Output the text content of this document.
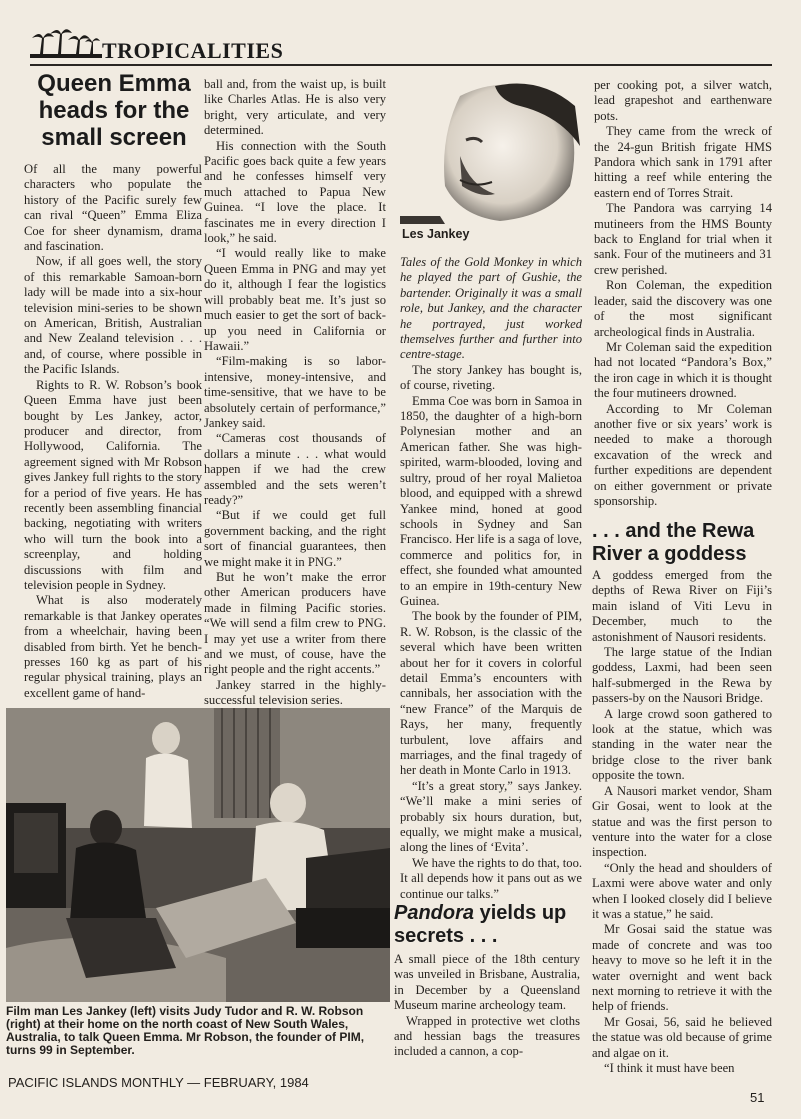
TROPICALITIES
Queen Emma heads for the small screen

Of all the many powerful characters who populate the history of the Pacific surely few can rival “Queen” Emma Eliza Coe for sheer dynamism, drama and fascination.

Now, if all goes well, the story of this remarkable Samoan-born lady will be made into a six-hour television mini-series to be shown on American, British, Australian and New Zealand television . . . and, of course, where possible in the Pacific Islands.

Rights to R. W. Robson’s book Queen Emma have just been bought by Les Jankey, actor, producer and director, from Hollywood, California. The agreement signed with Mr Robson gives Jankey full rights to the story for a period of five years. He has recently been assembling financial backing, negotiating with writers who will turn the book into a screenplay, and holding discussions with film and television people in Sydney.

What is also moderately remarkable is that Jankey operates from a wheelchair, having been disabled from birth. Yet he bench-presses 160 kg as part of his regular physical training, plays an excellent game of hand-

ball and, from the waist up, is built like Charles Atlas. He is also very bright, very articulate, and very determined.

His connection with the South Pacific goes back quite a few years and he confesses himself very much attached to Papua New Guinea. “I love the place. It fascinates me in every direction I look,” he said.

“I would really like to make Queen Emma in PNG and may yet do it, although I fear the logistics will probably beat me. It’s just so much easier to get the sort of back-up you need in California or Hawaii.”

“Film-making is so labor-intensive, money-intensive, and time-sensitive, that we have to be absolutely certain of performance,” Jankey said.

“Cameras cost thousands of dollars a minute . . . what would happen if we had the crew assembled and the sets weren’t ready?”

“But if we could get full government backing, and the right sort of financial guarantees, then we might make it in PNG.”

But he won’t make the error other American producers have made in filming Pacific stories. “We will send a film crew to PNG. I may yet use a writer from there and we must, of couse, have the right people and the right accents.”

Jankey starred in the highly-successful television series.

Les Jankey

Tales of the Gold Monkey in which he played the part of Gushie, the bartender. Originally it was a small role, but Jankey, and the character he portrayed, just worked themselves further and further into centre-stage.

The story Jankey has bought is, of course, riveting.

Emma Coe was born in Samoa in 1850, the daughter of a high-born Polynesian mother and an American father. She was high-spirited, warm-blooded, loving and sultry, proud of her royal Malietoa blood, and equipped with a shrewd Yankee mind, honed at good schools in Sydney and San Francisco. Her life is a saga of love, commerce and politics for, in effect, she founded what amounted to an empire in 19th-century New Guinea.

The book by the founder of PIM, R. W. Robson, is the classic of the several which have been written about her for it covers in colorful detail Emma’s encounters with cannibals, her association with the “new France” of the Marquis de Rays, her many, frequently turbulent, love affairs and marriages, and the final tragedy of her death in Monte Carlo in 1913.

“It’s a great story,” says Jankey. “We’ll make a mini series of probably six hours duration, but, equally, we might make a musical, along the lines of ‘Evita’.

We have the rights to do that, too. It all depends how it pans out as we continue our talks.”

Pandora yields up secrets . . .

A small piece of the 18th century was unveiled in Brisbane, Australia, in December by a Queensland Museum marine archeology team.

Wrapped in protective wet cloths and hessian bags the treasures included a cannon, a cop-

per cooking pot, a silver watch, lead grapeshot and earthenware pots.

They came from the wreck of the 24-gun British frigate HMS Pandora which sank in 1791 after hitting a reef while entering the eastern end of Torres Strait.

The Pandora was carrying 14 mutineers from the HMS Bounty back to England for trial when it sank. Four of the mutineers and 31 crew perished.

Ron Coleman, the expedition leader, said the discovery was one of the most significant archeological finds in Australia.

Mr Coleman said the expedition had not located “Pandora’s Box,” the iron cage in which it is thought the four mutineers drowned.

According to Mr Coleman another five or six years’ work is needed to make a thorough excavation of the wreck and further expeditions are dependent on either government or private sponsorship.

. . . and the Rewa River a goddess

A goddess emerged from the depths of Rewa River on Fiji’s main island of Viti Levu in December, much to the astonishment of Nausori residents.

The large statue of the Indian goddess, Laxmi, had been seen half-submerged in the Rewa by passers-by on the Nausori Bridge.

A large crowd soon gathered to look at the statue, which was standing in the water near the bridge close to the river bank opposite the town.

A Nausori market vendor, Sham Gir Gosai, went to look at the statue and was the first person to venture into the water for a close inspection.

“Only the head and shoulders of Laxmi were above water and only when I looked closely did I believe it was a statue,” he said.

Mr Gosai said the statue was made of concrete and was too heavy to move so he left it in the water overnight and went back next morning to retrieve it with the help of friends.

Mr Gosai, 56, said he believed the statue was old because of grime and algae on it.

“I think it must have been

Film man Les Jankey (left) visits Judy Tudor and R. W. Robson (right) at their home on the north coast of New South Wales, Australia, to talk Queen Emma. Mr Robson, the founder of PIM, turns 99 in September.
PACIFIC ISLANDS MONTHLY — FEBRUARY, 1984
51
